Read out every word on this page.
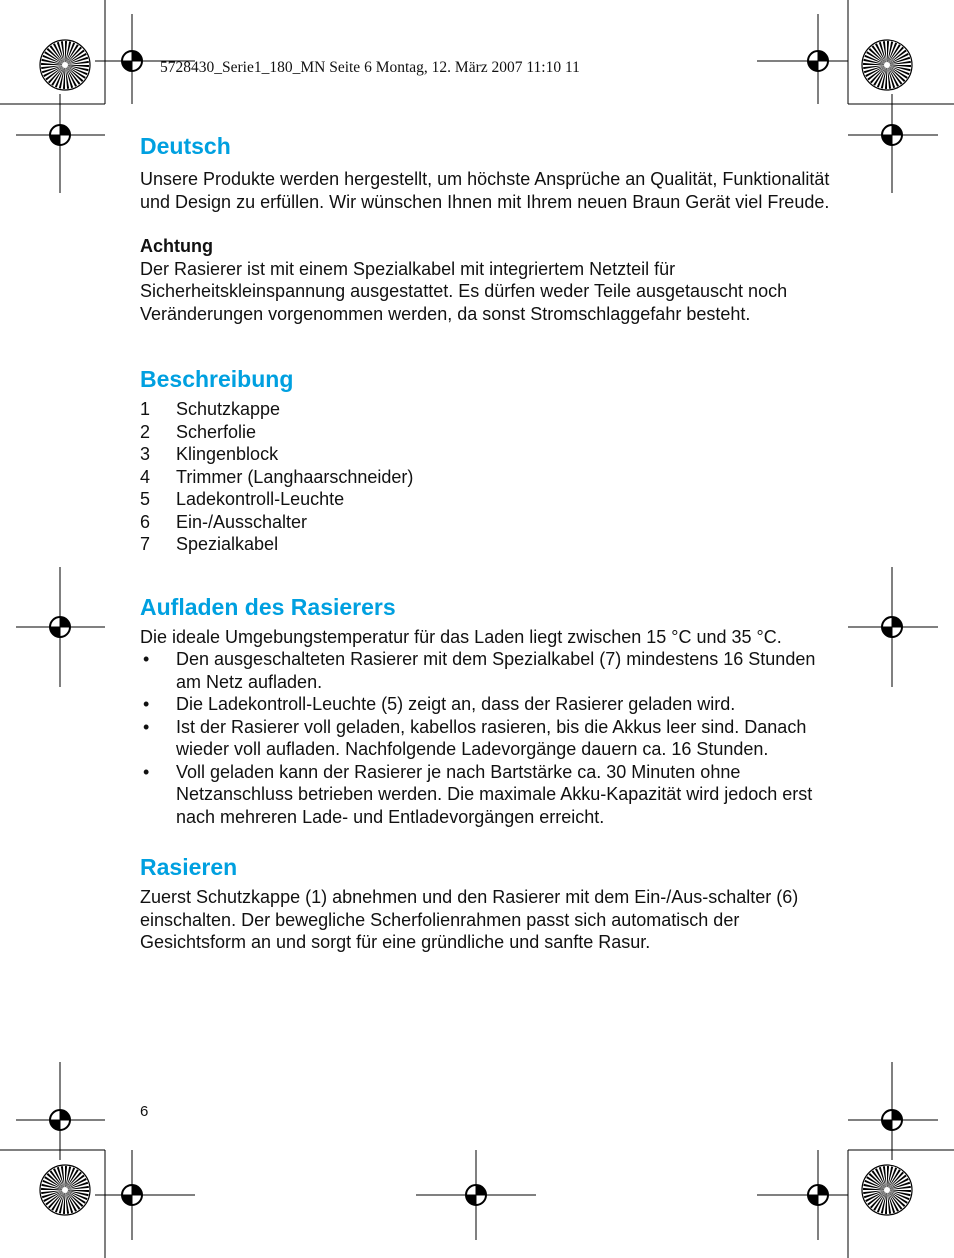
5728430_Serie1_180_MN Seite 6 Montag, 12. März 2007 11:10 11
Deutsch

Unsere Produkte werden hergestellt, um höchste Ansprüche an Qualität, Funktionalität und Design zu erfüllen. Wir wünschen Ihnen mit Ihrem neuen Braun Gerät viel Freude.

Achtung

Der Rasierer ist mit einem Spezialkabel mit integriertem Netzteil für Sicherheitskleinspannung ausgestattet. Es dürfen weder Teile ausgetauscht noch Veränderungen vorgenommen werden, da sonst Stromschlaggefahr besteht.

Beschreibung
1	Schutzkappe
2	Scherfolie
3	Klingenblock
4	Trimmer (Langhaarschneider)
5	Ladekontroll-Leuchte
6	Ein-/Ausschalter
7	Spezialkabel
Aufladen des Rasierers

Die ideale Umgebungstemperatur für das Laden liegt zwischen 15 °C und 35 °C.

•	Den ausgeschalteten Rasierer mit dem Spezialkabel (7) mindestens 16 Stunden am Netz aufladen.
•	Die Ladekontroll-Leuchte (5) zeigt an, dass der Rasierer geladen wird.
•	Ist der Rasierer voll geladen, kabellos rasieren, bis die Akkus leer sind. Danach wieder voll aufladen. Nachfolgende Ladevorgänge dauern ca. 16 Stunden.
•	Voll geladen kann der Rasierer je nach Bartstärke ca. 30 Minuten ohne Netzanschluss betrieben werden. Die maximale Akku-Kapazität wird jedoch erst nach mehreren Lade- und Entladevorgängen erreicht.
Rasieren

Zuerst Schutzkappe (1) abnehmen und den Rasierer mit dem Ein-/Aus-schalter (6) einschalten. Der bewegliche Scherfolienrahmen passt sich automatisch der Gesichtsform an und sorgt für eine gründliche und sanfte Rasur.

6
